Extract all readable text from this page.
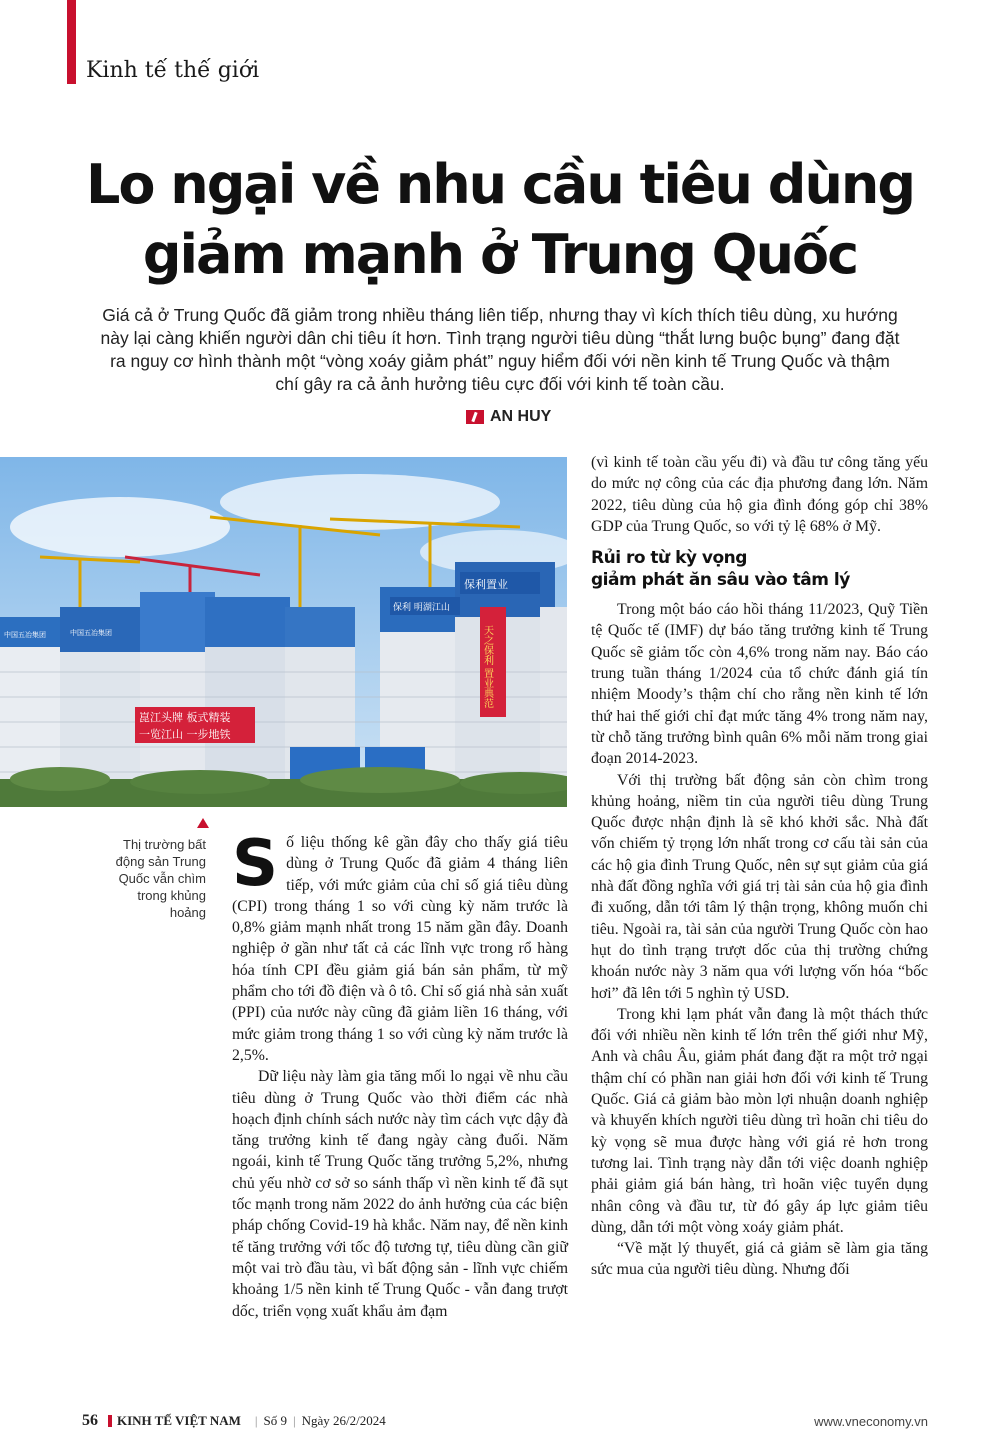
Kinh tế thế giới
Lo ngại về nhu cầu tiêu dùng
giảm mạnh ở Trung Quốc
Giá cả ở Trung Quốc đã giảm trong nhiều tháng liên tiếp, nhưng thay vì kích thích tiêu dùng, xu hướng này lại càng khiến người dân chi tiêu ít hơn. Tình trạng người tiêu dùng “thắt lưng buộc bụng” đang đặt ra nguy cơ hình thành một “vòng xoáy giảm phát” nguy hiểm đối với nền kinh tế Trung Quốc và thậm chí gây ra cả ảnh hưởng tiêu cực đối với kinh tế toàn cầu.
AN HUY
中国五冶集团	中国五冶集团
崑江头牌 板式精装
一览江山 一步地铁
保利 明湖江山
保利置业
天之保利 置业典范
Thị trường bất động sản Trung Quốc vẫn chìm trong khủng hoảng

Số liệu thống kê gần đây cho thấy giá tiêu dùng ở Trung Quốc đã giảm 4 tháng liên tiếp, với mức giảm của chỉ số giá tiêu dùng (CPI) trong tháng 1 so với cùng kỳ năm trước là 0,8% giảm mạnh nhất trong 15 năm gần đây. Doanh nghiệp ở gần như tất cả các lĩnh vực trong rổ hàng hóa tính CPI đều giảm giá bán sản phẩm, từ mỹ phẩm cho tới đồ điện và ô tô. Chỉ số giá nhà sản xuất (PPI) của nước này cũng đã giảm liền 16 tháng, với mức giảm trong tháng 1 so với cùng kỳ năm trước là 2,5%.

Dữ liệu này làm gia tăng mối lo ngại về nhu cầu tiêu dùng ở Trung Quốc vào thời điểm các nhà hoạch định chính sách nước này tìm cách vực dậy đà tăng trưởng kinh tế đang ngày càng đuối. Năm ngoái, kinh tế Trung Quốc tăng trưởng 5,2%, nhưng chủ yếu nhờ cơ sở so sánh thấp vì nền kinh tế đã sụt tốc mạnh trong năm 2022 do ảnh hưởng của các biện pháp chống Covid-19 hà khắc. Năm nay, để nền kinh tế tăng trưởng với tốc độ tương tự, tiêu dùng cần giữ một vai trò đầu tàu, vì bất động sản - lĩnh vực chiếm khoảng 1/5 nền kinh tế Trung Quốc - vẫn đang trượt dốc, triển vọng xuất khẩu ảm đạm

(vì kinh tế toàn cầu yếu đi) và đầu tư công tăng yếu do mức nợ công của các địa phương đang lớn. Năm 2022, tiêu dùng của hộ gia đình đóng góp chỉ 38% GDP của Trung Quốc, so với tỷ lệ 68% ở Mỹ.

Rủi ro từ kỳ vọng
giảm phát ăn sâu vào tâm lý

Trong một báo cáo hồi tháng 11/2023, Quỹ Tiền tệ Quốc tế (IMF) dự báo tăng trưởng kinh tế Trung Quốc sẽ giảm tốc còn 4,6% trong năm nay. Báo cáo trung tuần tháng 1/2024 của tổ chức đánh giá tín nhiệm Moody’s thậm chí cho rằng nền kinh tế lớn thứ hai thế giới chỉ đạt mức tăng 4% trong năm nay, từ chỗ tăng trưởng bình quân 6% mỗi năm trong giai đoạn 2014-2023.

Với thị trường bất động sản còn chìm trong khủng hoảng, niềm tin của người tiêu dùng Trung Quốc được nhận định là sẽ khó khởi sắc. Nhà đất vốn chiếm tỷ trọng lớn nhất trong cơ cấu tài sản của các hộ gia đình Trung Quốc, nên sự sụt giảm của giá nhà đất đồng nghĩa với giá trị tài sản của hộ gia đình đi xuống, dẫn tới tâm lý thận trọng, không muốn chi tiêu. Ngoài ra, tài sản của người Trung Quốc còn hao hụt do tình trạng trượt dốc của thị trường chứng khoán nước này 3 năm qua với lượng vốn hóa “bốc hơi” đã lên tới 5 nghìn tỷ USD.

Trong khi lạm phát vẫn đang là một thách thức đối với nhiều nền kinh tế lớn trên thế giới như Mỹ, Anh và châu Âu, giảm phát đang đặt ra một trở ngại thậm chí có phần nan giải hơn đối với kinh tế Trung Quốc. Giá cả giảm bào mòn lợi nhuận doanh nghiệp và khuyến khích người tiêu dùng trì hoãn chi tiêu do kỳ vọng sẽ mua được hàng với giá rẻ hơn trong tương lai. Tình trạng này dẫn tới việc doanh nghiệp phải giảm giá bán hàng, trì hoãn việc tuyển dụng nhân công và đầu tư, từ đó gây áp lực giảm tiêu dùng, dẫn tới một vòng xoáy giảm phát.

“Về mặt lý thuyết, giá cả giảm sẽ làm gia tăng sức mua của người tiêu dùng. Nhưng đối

56 KINH TẾ VIỆT NAM | Số 9 | Ngày 26/2/2024	www.vneconomy.vn
